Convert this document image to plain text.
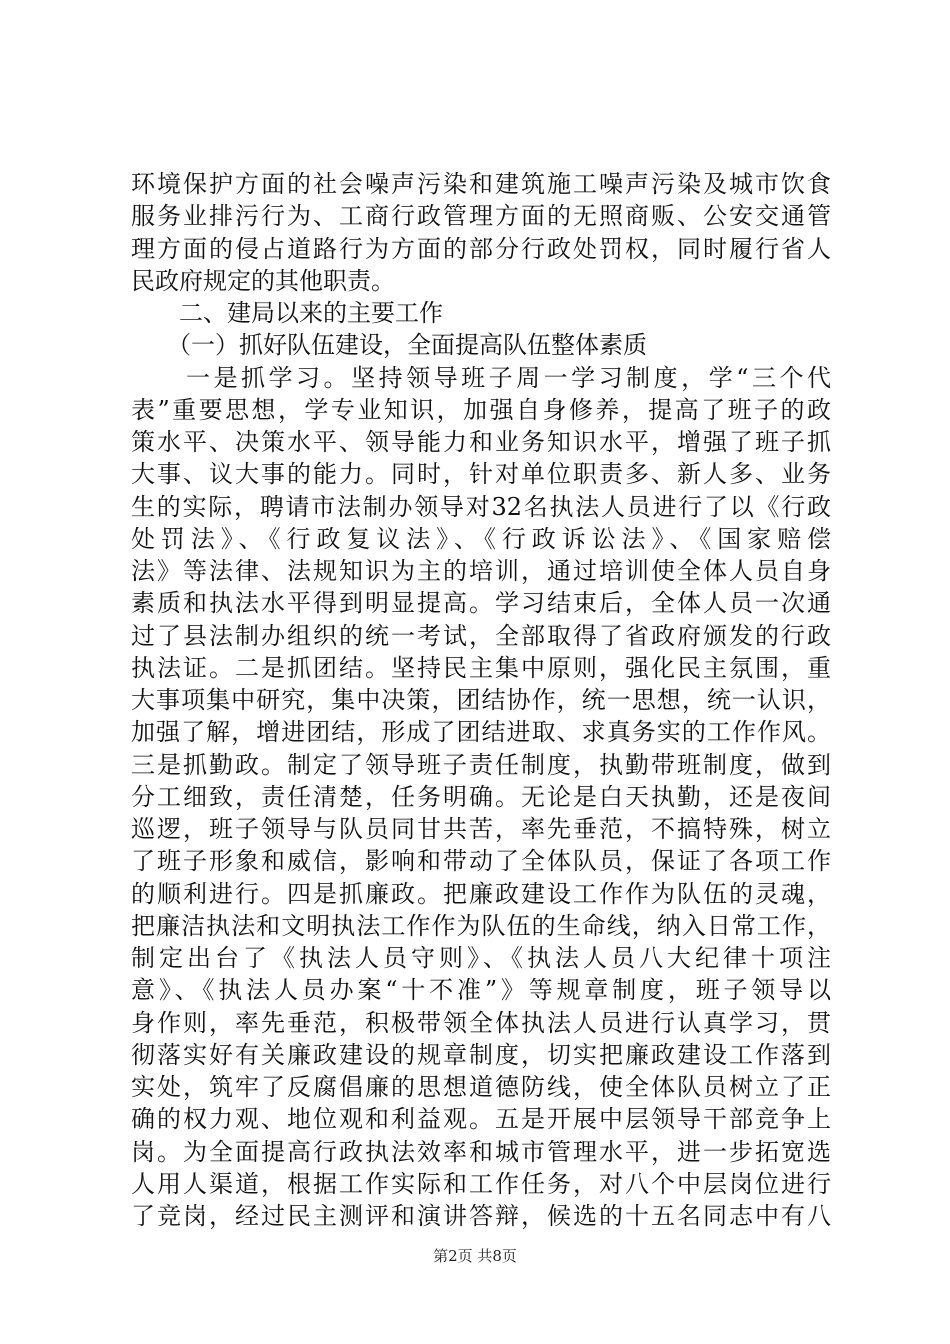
环境保护方面的社会噪声污染和建筑施工噪声污染及城市饮食
服务业排污行为、工商行政管理方面的无照商贩、公安交通管
理方面的侵占道路行为方面的部分行政处罚权，同时履行省人
民政府规定的其他职责。
　　二、建局以来的主要工作
　　（一）抓好队伍建设，全面提高队伍整体素质
　　一是抓学习。坚持领导班子周一学习制度，学“三个代
表”重要思想，学专业知识，加强自身修养，提高了班子的政
策水平、决策水平、领导能力和业务知识水平，增强了班子抓
大事、议大事的能力。同时，针对单位职责多、新人多、业务
生的实际，聘请市法制办领导对32名执法人员进行了以《行政
处罚法》、《行政复议法》、《行政诉讼法》、《国家赔偿
法》等法律、法规知识为主的培训，通过培训使全体人员自身
素质和执法水平得到明显提高。学习结束后，全体人员一次通
过了县法制办组织的统一考试，全部取得了省政府颁发的行政
执法证。二是抓团结。坚持民主集中原则，强化民主氛围，重
大事项集中研究，集中决策，团结协作，统一思想，统一认识，
加强了解，增进团结，形成了团结进取、求真务实的工作作风。
三是抓勤政。制定了领导班子责任制度，执勤带班制度，做到
分工细致，责任清楚，任务明确。无论是白天执勤，还是夜间
巡逻，班子领导与队员同甘共苦，率先垂范，不搞特殊，树立
了班子形象和威信，影响和带动了全体队员，保证了各项工作
的顺利进行。四是抓廉政。把廉政建设工作作为队伍的灵魂，
把廉洁执法和文明执法工作作为队伍的生命线，纳入日常工作，
制定出台了《执法人员守则》、《执法人员八大纪律十项注
意》、《执法人员办案“十不准”》等规章制度，班子领导以
身作则，率先垂范，积极带领全体执法人员进行认真学习，贯
彻落实好有关廉政建设的规章制度，切实把廉政建设工作落到
实处，筑牢了反腐倡廉的思想道德防线，使全体队员树立了正
确的权力观、地位观和利益观。五是开展中层领导干部竞争上
岗。为全面提高行政执法效率和城市管理水平，进一步拓宽选
人用人渠道，根据工作实际和工作任务，对八个中层岗位进行
了竞岗，经过民主测评和演讲答辩，候选的十五名同志中有八
第2页 共8页
